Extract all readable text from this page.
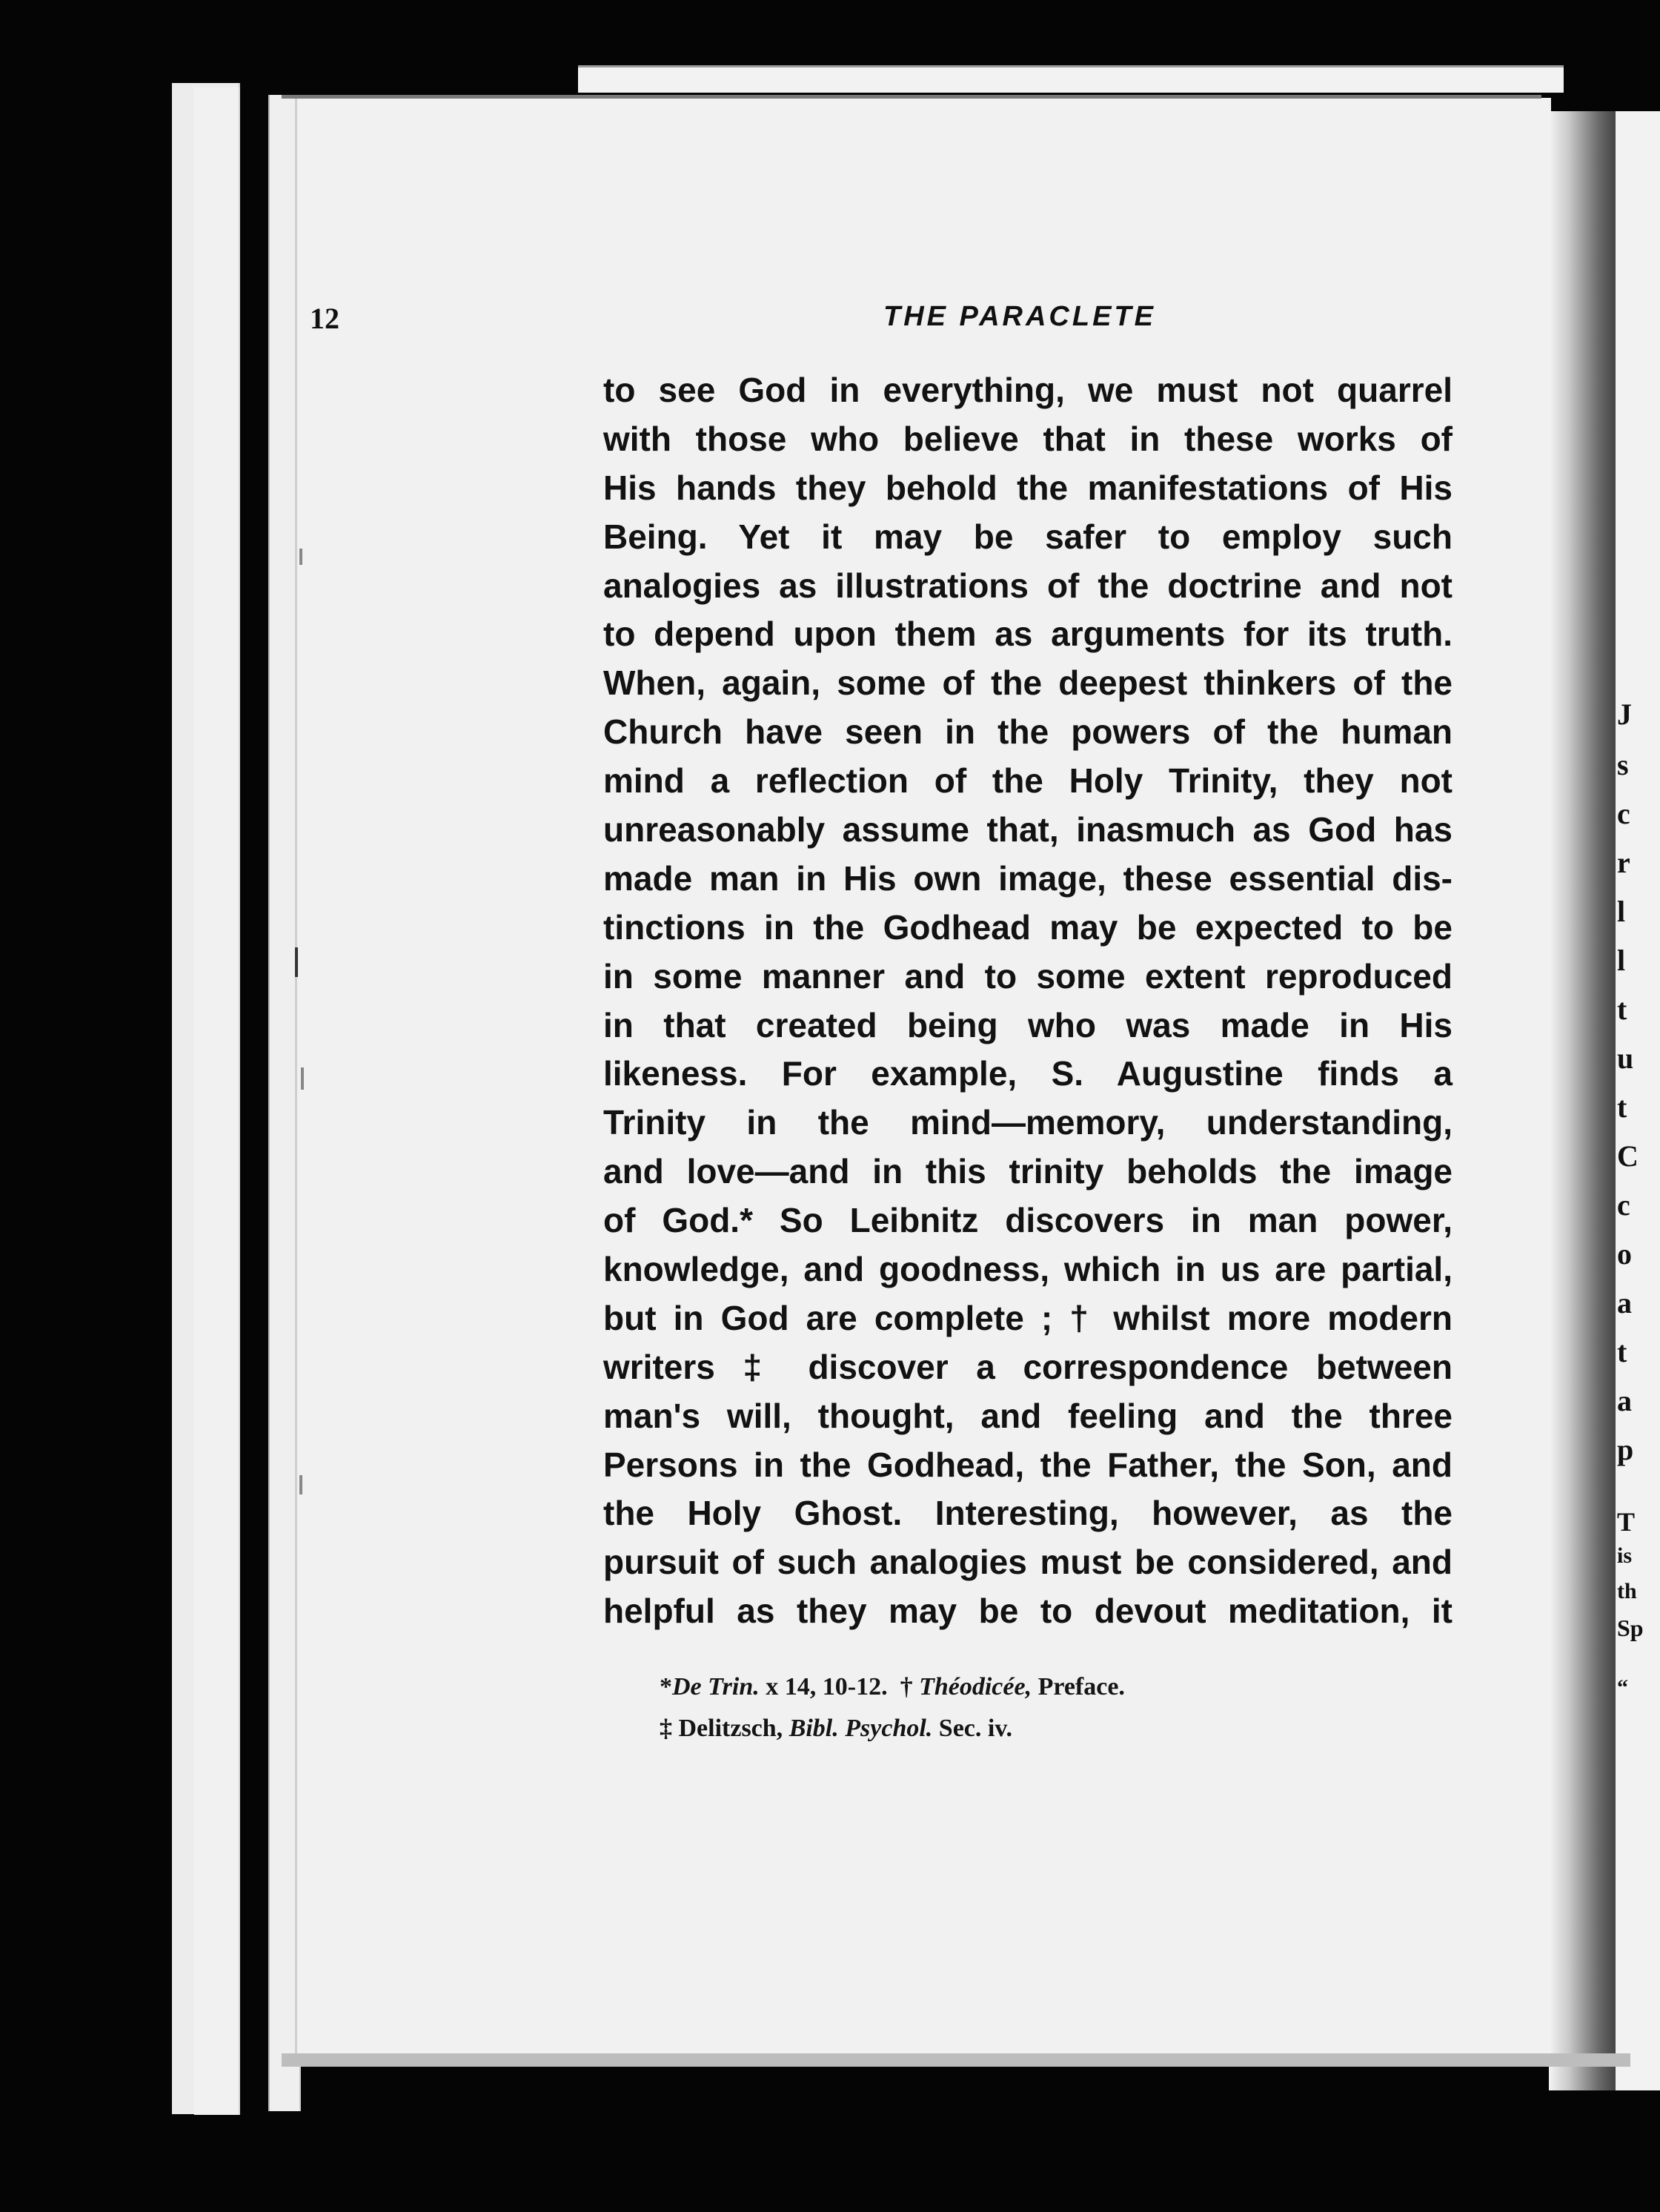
J
s
c
r
l
l
t
u
t
C
c
o
a
t
a
p
T
is
th
Sp
“
12	THE PARACLETE
to see God in everything, we must not quarrel
with those who believe that in these works of
His hands they behold the manifestations of His
Being. Yet it may be safer to employ such
analogies as illustrations of the doctrine and not
to depend upon them as arguments for its truth.
When, again, some of the deepest thinkers of the
Church have seen in the powers of the human
mind a reflection of the Holy Trinity, they not
unreasonably assume that, inasmuch as God has
made man in His own image, these essential dis-
tinctions in the Godhead may be expected to be
in some manner and to some extent reproduced
in that created being who was made in His
likeness. For example, S. Augustine finds a
Trinity in the mind—memory, understanding,
and love—and in this trinity beholds the image
of God.* So Leibnitz discovers in man power,
knowledge, and goodness, which in us are partial,
but in God are complete ; † whilst more modern
writers ‡ discover a correspondence between
man's will, thought, and feeling and the three
Persons in the Godhead, the Father, the Son, and
the Holy Ghost. Interesting, however, as the
pursuit of such analogies must be considered, and
helpful as they may be to devout meditation, it
*De Trin. x 14, 10-12.  † Théodicée, Preface.
‡ Delitzsch, Bibl. Psychol. Sec. iv.
